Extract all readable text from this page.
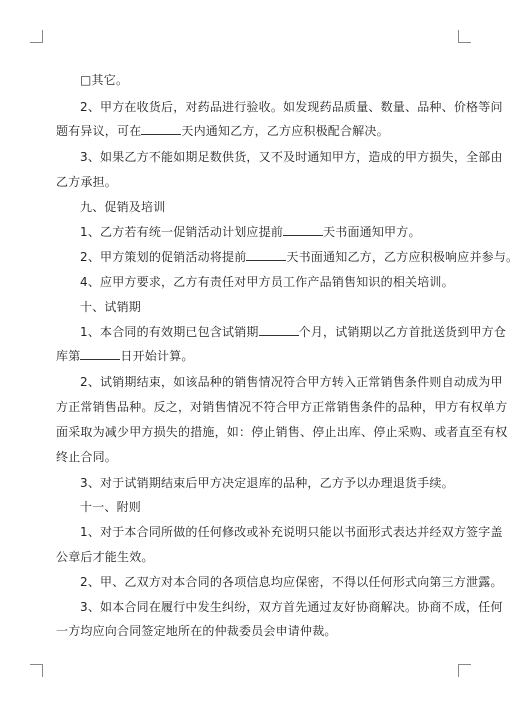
□其它。
2、甲方在收货后，对药品进行验收。如发现药品质量、数量、品种、价格等问
题有异议，可在	天内通知乙方，乙方应积极配合解决。
3、如果乙方不能如期足数供货，又不及时通知甲方，造成的甲方损失，全部由
乙方承担。
九、促销及培训
1、乙方若有统一促销活动计划应提前	天书面通知甲方。
2、甲方策划的促销活动将提前	天书面通知乙方，乙方应积极响应并参与。
4、应甲方要求，乙方有责任对甲方员工作产品销售知识的相关培训。
十、试销期
1、本合同的有效期已包含试销期	个月，试销期以乙方首批送货到甲方仓
库第	日开始计算。
2、试销期结束，如该品种的销售情况符合甲方转入正常销售条件则自动成为甲
方正常销售品种。反之，对销售情况不符合甲方正常销售条件的品种，甲方有权单方
面采取为减少甲方损失的措施，如：停止销售、停止出库、停止采购、或者直至有权
终止合同。
3、对于试销期结束后甲方决定退库的品种，乙方予以办理退货手续。
十一、附则
1、对于本合同所做的任何修改或补充说明只能以书面形式表达并经双方签字盖
公章后才能生效。
2、甲、乙双方对本合同的各项信息均应保密，不得以任何形式向第三方泄露。
3、如本合同在履行中发生纠纷，双方首先通过友好协商解决。协商不成，任何
一方均应向合同签定地所在的仲裁委员会申请仲裁。
